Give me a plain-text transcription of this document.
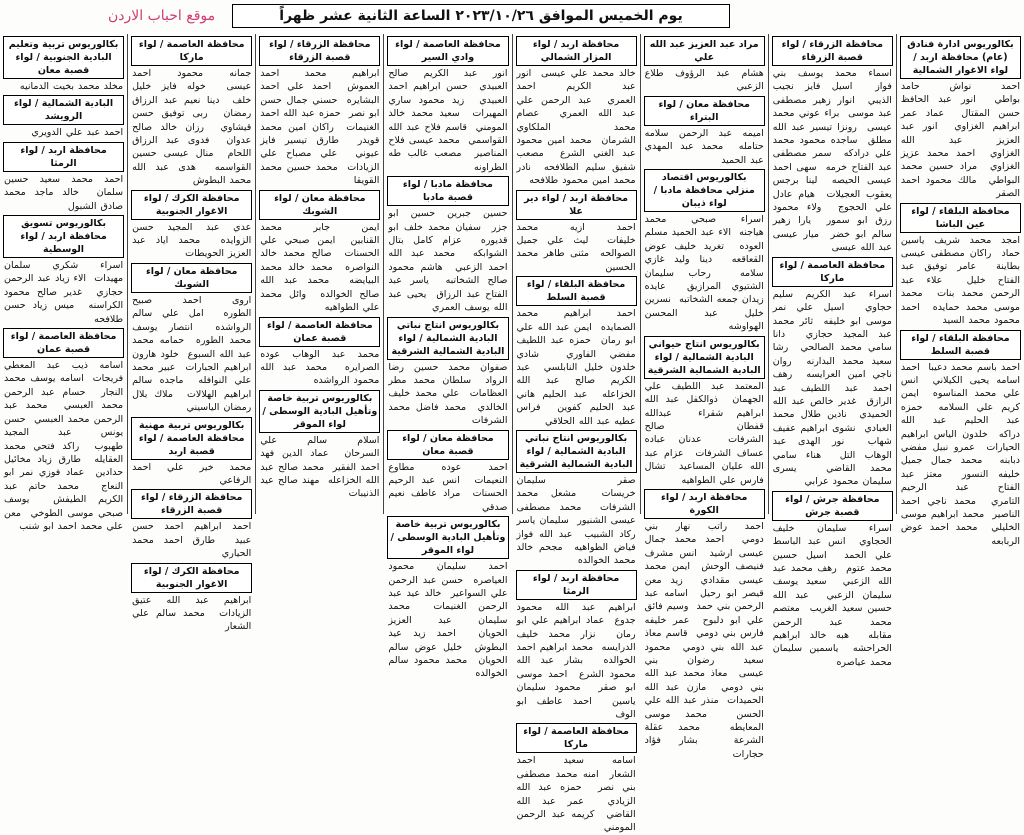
يوم الخميس الموافق ٢٠٢٣/١٠/٢٦ الساعة الثانية عشر ظهراً
موقع احباب الاردن
بكالوريوس ادارة فنادق (عام) محافظة اربد / لواء الاغوار الشمالية
احمد نواش حامد بواطيانور عبد الحافظ حسن المقتالعماد عمر ابراهيم الغزاويانور عبد العزيز عبد الله الغزاوياحمد محمد عزيز الغزاويمراد حسين محمد البواطيمالك محمود احمد الصقر
محافظة البلقاء / لواء عين الباشا
امجد محمد شريف ياسين حمادراكان مصطفى عيسى بطاينةعامر توفيق عبد الفتاح خليلعلاء عبد الرحمن محمد بناتمحمد موسى محمد حمايدهاحمد محمود محمد السيد
محافظة البلقاء / لواء قصبة السلط
احمد باسم محمد دعيبااحمد اسامه يحيى الكيلانيانس علي محمد المناسوهايمن كريم علي السلامهحمزه عبد الحليم عبد الله دراكهخلدون الياس ابراهيم الحياراتعمرو نبيل مفضي دبابنهمحمد جمال جميل خليفه النسورمعتز عبد الفتاح عبد الرحيم التامريمحمد ناجي احمد الناصيرمحمد ابراهيم موسى الخليليمحمد احمد عوض الربابعه
محافظة الزرقاء / لواء قصبة الزرقاء
اسماء محمد يوسف بني فوازاسيل فايز نجيب الذيبيانوار زهير مصطفى عبد موسىبراء عوني محمد عيسىرونزا تيسير عبد الله مطلقساجده محمود محمد علي درادكهسمر مصطفى عبد الفتاح خرمهسهى احمد عيسى الحيصهلينا برجس يعقوب العجيلاتهيام عادل علي الحجوجولاء محمود رزق ابو سموريارا زهير سالم ابو خضرميار عيسى عبد الله عيسى
محافظة العاصمة / لواء ماركا
اسراء عبد الكريم سليم حجاوياسيل علي نمر موسى ابو خليفهثائر محمد عبد المجيد حجازيدانا سامي محمد الصالحيرشا سعيد محمد البدارنهروان ناجي امين العرايسهرهف احمد عبد اللطيف عبد الرازقغدير خالص عبد الله الحميدينادين طلال محمد العبادينشوى ابراهيم عفيف شهابنور الهدى عبد الوهاب التلهناء سامي محمد القاضييسرى سليمان محمود عرابي
محافظة جرش / لواء قصبة جرش
اسراء سليمان خليف الحجاويانس عبد الباسط علي الحمداسيل حسين محمد عتومرهف محمد عبد الله الزعبيسعيد يوسف سليمان الزعبيعبد الله حسين سعيد الغريبمعتصم محمد عبد الرحمن مقابلههبه خالد ابراهيم الحراحشهياسمين سليمان محمد عياصره
مراد عبد العزيز عبد الله علي
هشام عبد الرؤوف طلاع الزعبي
محافظة معان / لواء البتراء
اميمه عبد الرحمن سلامه حتاملهمحمد عبد المهدي عبد الحميد
بكالوريوس اقتصاد منزلي محافظة مادبا / لواء ذيبان
اسراء صبحي محمد هياجنهالاء عبد الحميد مسلم العودهتغريد خليف عوض القعاقعهدينا وليد غازي سلامهرحاب سليمان الشتيوي المرازيقعايده زيدان جمعه الشخاتبهنسرين خليل عبد المحسن الهواوشه
بكالوريوس انتاج حيواني البادية الشمالية / لواء البادية الشمالية الشرقية
المعتمد عبد اللطيف علي الجهمانذوالكفل عبد الله ابراهيم شقراءعبدالله قفطان صالح الشرفاتعدنان عباده عساف الشرفاتعزام عبد الله عليان المساعيدتشال فارس علي الطواهيه
محافظة اربد / لواء الكورة
احمد راتب نهار بني دومياحمد محمد جمال عيسى ارشيدانس مشرف فنيصف الوحشايمن محمد عيسى مقداديزيد معن قيصر ابو رحيلاسامه عبد الرحمن بني حمدوسيم فائق علي ابو دلبوحعمر خليفه فارس بني دوميقاسم معاذ عبد الله بني دوميمحمود سعيد رضوان بني عيسىمعاذ محمد عبد الله بني دوميمازن عبد الله الحميداتمنذر عبد الله علي الحسنمحمد موسى المعايطهمحمد عقلة الشرعةبشار فؤاد حجارات
محافظة اربد / لواء المزار الشمالي
خالد محمد علي عيسىانور عبد الكريم احمد العمريعبد الرحمن علي عبد الله العمريعصام محمد الملكاوي الشرمانمحمد امين محمود عبد الغني الشرعمصعب شفيق سليم الطلافحهنادر محمد امين محمود طلافحه
محافظة اربد / لواء دير علا
احمد ازيه محمد خليفاتليث علي جميل الصوالحهمثنى طاهر محمد الحسين
محافظة البلقاء / لواء قصبة السلط
احمد ابراهيم محمد الصمايدهايمن عبد الله علي ابو رمانحمزه عبد اللطيف مفضي الفاوريشادي خلدون خليل النابلسيعبد الكريم صالح عبد الله الخزاعلهعبد الحليم هاني عبد الحليم كفوينفراس عطيه عبد الله الحلاقي
بكالوريوس انتاج نباتي البادية الشمالية / لواء البادية الشمالية الشرقية
صقر سليمان خريساتمشعل محمد الشرفاتمحمد مصطفى عيسى الشنيورسليمان ياسر ركاد الشبيبعبد الله فواز فياض الطواهيهمجحم خالد محمد الخوالده
محافظة اربد / لواء الرمثا
ابراهيم عبد الله محمود جدوععماد ابراهيم علي ابو رماننزار محمد خليف الدرايسهمحمد ابراهيم احمد الخوالدهبشار عبد الله محمود الشرعاحمد موسى ابو صقرمحمود سليمان ياسيناحمد عاطف ابو الوف
محافظة العاصمة / لواء ماركا
اسامه سعيد احمد الشعارامنه محمد مصطفى بني نصرحمزه عبد الله الزياديعمر عبد الله القاضيكريمه عبد الرحمن المومني
محافظة العاصمة / لواء وادي السير
انور عبد الكريم صالح العبيديحسن ابراهيم احمد العبيديزيد محمود ساري المهيراتسعيد محمد خالد المومنيقاسم فلاح عبد الله القواسميمحمد عيسى فلاح المناصيرمصعب غالب طه الطراونه
محافظة مادبا / لواء قصبة مادبا
حسين جبرين حسين ابو جزرسفيان محمد خلف ابو قديورهعزام كامل بتال الشوابكهمحمد عبد الله احمد الزعبيهاشم محمود صالح الشخاتبهياسر عبد الفتاح عبد الرزاقيحيى عبد الله يوسف العمري
بكالوريوس انتاج نباتي البادية الشمالية / لواء البادية الشمالية الشرقية
صفوان محمد حسين رضا الروادسلطان محمد مطر العظاماتعلي محمد خليف الخالديمحمد فاضل محمد الشرفات
محافظة معان / لواء قصبة معان
احمد عوده مطاوع النعيماتانس عبد الرحيم الحسناتمراد عاطف نعيم صدقي
بكالوريوس تربية خاصة وتأهيل البادية الوسطى / لواء الموقر
احمد سليمان محمود العياصرهحسن عبد الرحمن علي السواعيرخالد عيد عبد الرحمن الغنيماتمحمد سليمان عبد العزيز الحوياناحمد زيد عيد البطوشخليل عوض سالم الحويانمحمد محمود سالم الخوالده
محافظة الزرقاء / لواء قصبة الزرقاء
ابراهيم محمد احمد العموشاحمد علي احمد البشايرهحسني جمال حسن ابو نصرحمزه عبد الله احمد الغنيماتراكان امين محمد قويدرطارق تيسير فايز عيونيعلي مصباح علي الزياداتمحمد حسين محمد القويقا
محافظة معان / لواء الشوبك
ايمن جابر محمد القنابينايمن صبحي علي الحسناتصالح محمد خالد النواصرهمحمد خالد محمد البيايضهمحمد عبد الله صالح الخوالدهوائل محمد علي الطواهيه
محافظة العاصمة / لواء قصبة عمان
محمد عبد الوهاب عوده الصرايرهمحمد عبد الله محمود الرواشده
بكالوريوس تربية خاصة وتأهيل البادية الوسطى / لواء الموقر
اسلام سالم علي السرحانعماد الدين فهد احمد الفقيرمحمد صالح عبد الله الخزاعلهمهند صالح عيد الذنيبات
محافظة العاصمة / لواء ماركا
جمانه محمود احمد عيسىخوله فايز خليل خلفدينا نعيم عبد الرزاق رمضانربى توفيق حسن قيشاويرزان خالد صالح عدوانفدوى عبد الرزاق اللحاممنال عيسى حسين القواسمههدى عبد الله محمد البطوش
محافظة الكرك / لواء الاغوار الجنوبية
عدي عبد المجيد حسن الزوايدهمحمد اياد عبد العزيز الحويطات
محافظة معان / لواء الشوبك
اروى احمد صبيح الطورهامل علي سالم الرواشدهانتصار يوسف محمد الطورهحمامه محمد عبد الله السبوعخلود هارون ابراهيم الجباراتعبير محمد علي النوافلهماجده سالم ابراهيم الهلالاتملاك بلال رمضان الياسيني
بكالوريوس تربية مهنية محافظة العاصمة / لواء قصبة اربد
محمد خير علي احمد الرفاعي
محافظة الزرقاء / لواء قصبة الزرقاء
احمد ابراهيم احمد حسن عبيدطارق احمد محمد الحياري
محافظة الكرك / لواء الاغوار الجنوبية
ابراهيم عبد الله عتيق الزياداتمحمد سالم علي الشعار
بكالوريوس تربية وتعليم البادية الجنوبية / لواء قصبة معان
مخلد محمد بخيت الدمانيه
البادية الشمالية / لواء الرويشد
احمد عبد علي الدويري
محافظة اربد / لواء الرمثا
احمد محمد سعيد حسين سلمانخالد ماجد محمد صادق الشبول
بكالوريوس تسويق محافظة اربد / لواء الوسطية
اسراء شكري سلمان مهيداتالاء زياد عبد الرحمن حجازيغدير صالح محمود الكراسنهميس زياد حسن طلافحه
محافظة العاصمة / لواء قصبة عمان
اسامه ذيب عبد المعطي فريجاتاسامه يوسف محمد النجارحسام عبد الرحمن محمد العبسيمحمد عبد الرحمن محمد العبسيحسن يونس عبد المجيد طهبوبراكد فتحي محمد العقايلهطارق زياد مخائيل حدادينعماد فوزي نمر ابو النعاجمحمد حاتم عبد الكريم الطيفشيوسف صبحي موسى الطوخيمعن علي محمد احمد ابو شنب
